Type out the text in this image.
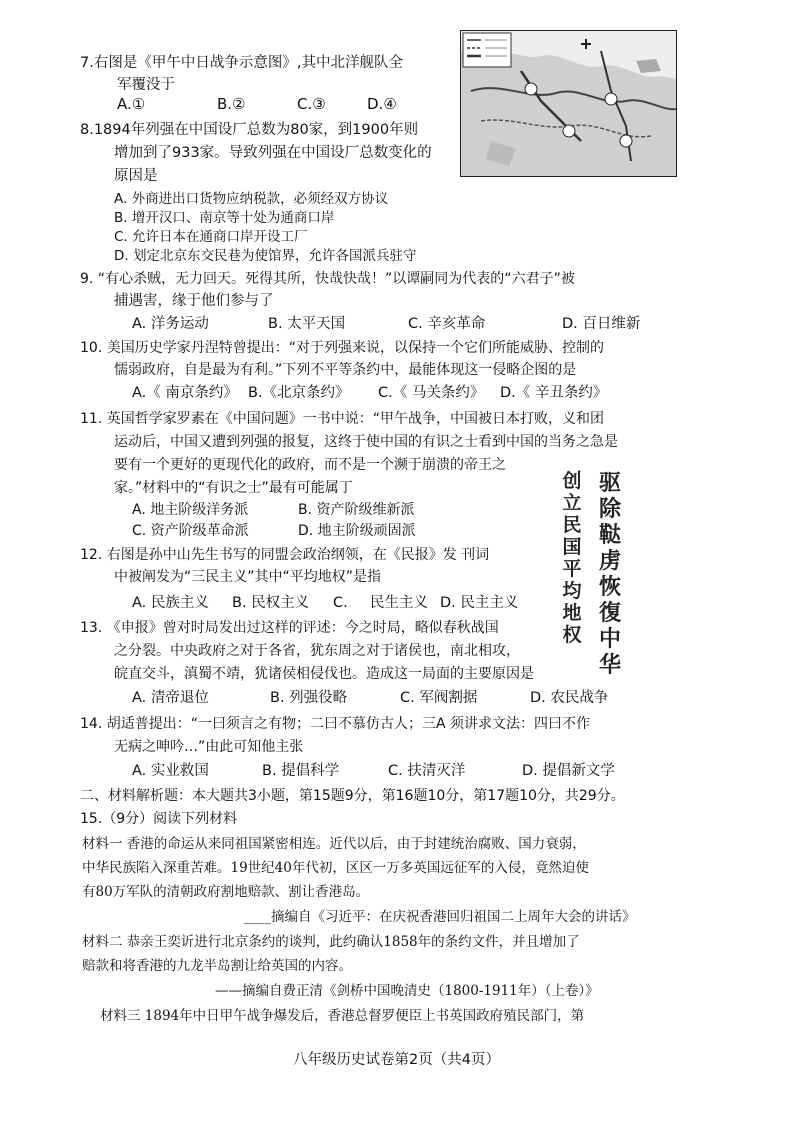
驱
除
鞑
虏
恢
復
中
华
创
立
民
国
平
均
地
权
7.右图是《甲午中日战争示意图》,其中北洋舰队全
军覆没于
A.①	B.②	C.③	D.④
8.1894年列强在中国设厂总数为80家，到1900年则
增加到了933家。导致列强在中国设厂总数变化的
原因是
A. 外商进出口货物应纳税款，必须经双方协议
B. 增开汉口、南京等十处为通商口岸
C. 允许日本在通商口岸开设工厂
D. 划定北京东交民巷为使馆界，允许各国派兵驻守
9. “有心杀贼，无力回天。死得其所，快哉快哉！”以谭嗣同为代表的“六君子”被
捕遇害，缘于他们参与了
A. 洋务运动	B. 太平天国	C. 辛亥革命	D. 百日维新
10. 美国历史学家丹涅特曾提出：“对于列强来说，以保持一个它们所能威胁、控制的
懦弱政府，自是最为有利。”下列不平等条约中，最能体现这一侵略企图的是
A.《 南京条约》 B.《北京条约》 C.《 马关条约》 D.《 辛丑条约》
11. 英国哲学家罗素在《中国问题》一书中说：“甲午战争，中国被日本打败，义和团
运动后，中国又遭到列强的报复，这终于使中国的有识之士看到中国的当务之急是
要有一个更好的更现代化的政府，而不是一个濒于崩溃的帝王之
家。”材料中的“有识之士”最有可能属丁
A. 地主阶级洋务派	B. 资产阶级维新派
C. 资产阶级革命派	D. 地主阶级顽固派
12. 右图是孙中山先生书写的同盟会政治纲领，在《民报》发 刊词
中被阐发为“三民主义”其中“平均地权”是指
A. 民族主义 B. 民权主义 C. 民生主义 D. 民主主义
13. 《申报》曾对时局发出过这样的评述：今之时局，略似春秋战国
之分裂。中央政府之对于各省，犹东周之对于诸侯也，南北相攻，
皖直交斗，滇蜀不靖，犹诸侯相侵伐也。造成这一局面的主要原因是
A. 清帝退位	B. 列强役略	C. 军阀割据	D. 农民战争
14. 胡适普提出：“一曰须言之有物；二曰不慕仿古人；三A 须讲求文法：四曰不作
无病之呻吟…”由此可知他主张
A. 实业救国	B. 提倡科学	C. 扶清灭洋	D. 提倡新文学
二、材料解析题：本大题共3小题，第15题9分，第16题10分，第17题10分，共29分。
15.（9分）阅读下列材料
材料一 香港的命运从来同祖国紧密相连。近代以后，由于封建统治腐败、国力衰弱，
中华民族陷入深重苦难。19世纪40年代初，区区一万多英国远征军的入侵，竟然迫使
有80万军队的清朝政府割地赔款、割让香港岛。
____摘编自《习近平：在庆祝香港回归祖国二上周年大会的讲话》
材料二 恭亲王奕䜣进行北京条约的谈判，此约确认1858年的条约文件，并且增加了
赔款和将香港的九龙半岛割让给英国的内容。
——摘编自费正清《剑桥中国晚清史（1800-1911年）（上卷）》
材料三 1894年中日甲午战争爆发后，香港总督罗便臣上书英国政府殖民部门，第
八年级历史试卷第2页（共4页）
